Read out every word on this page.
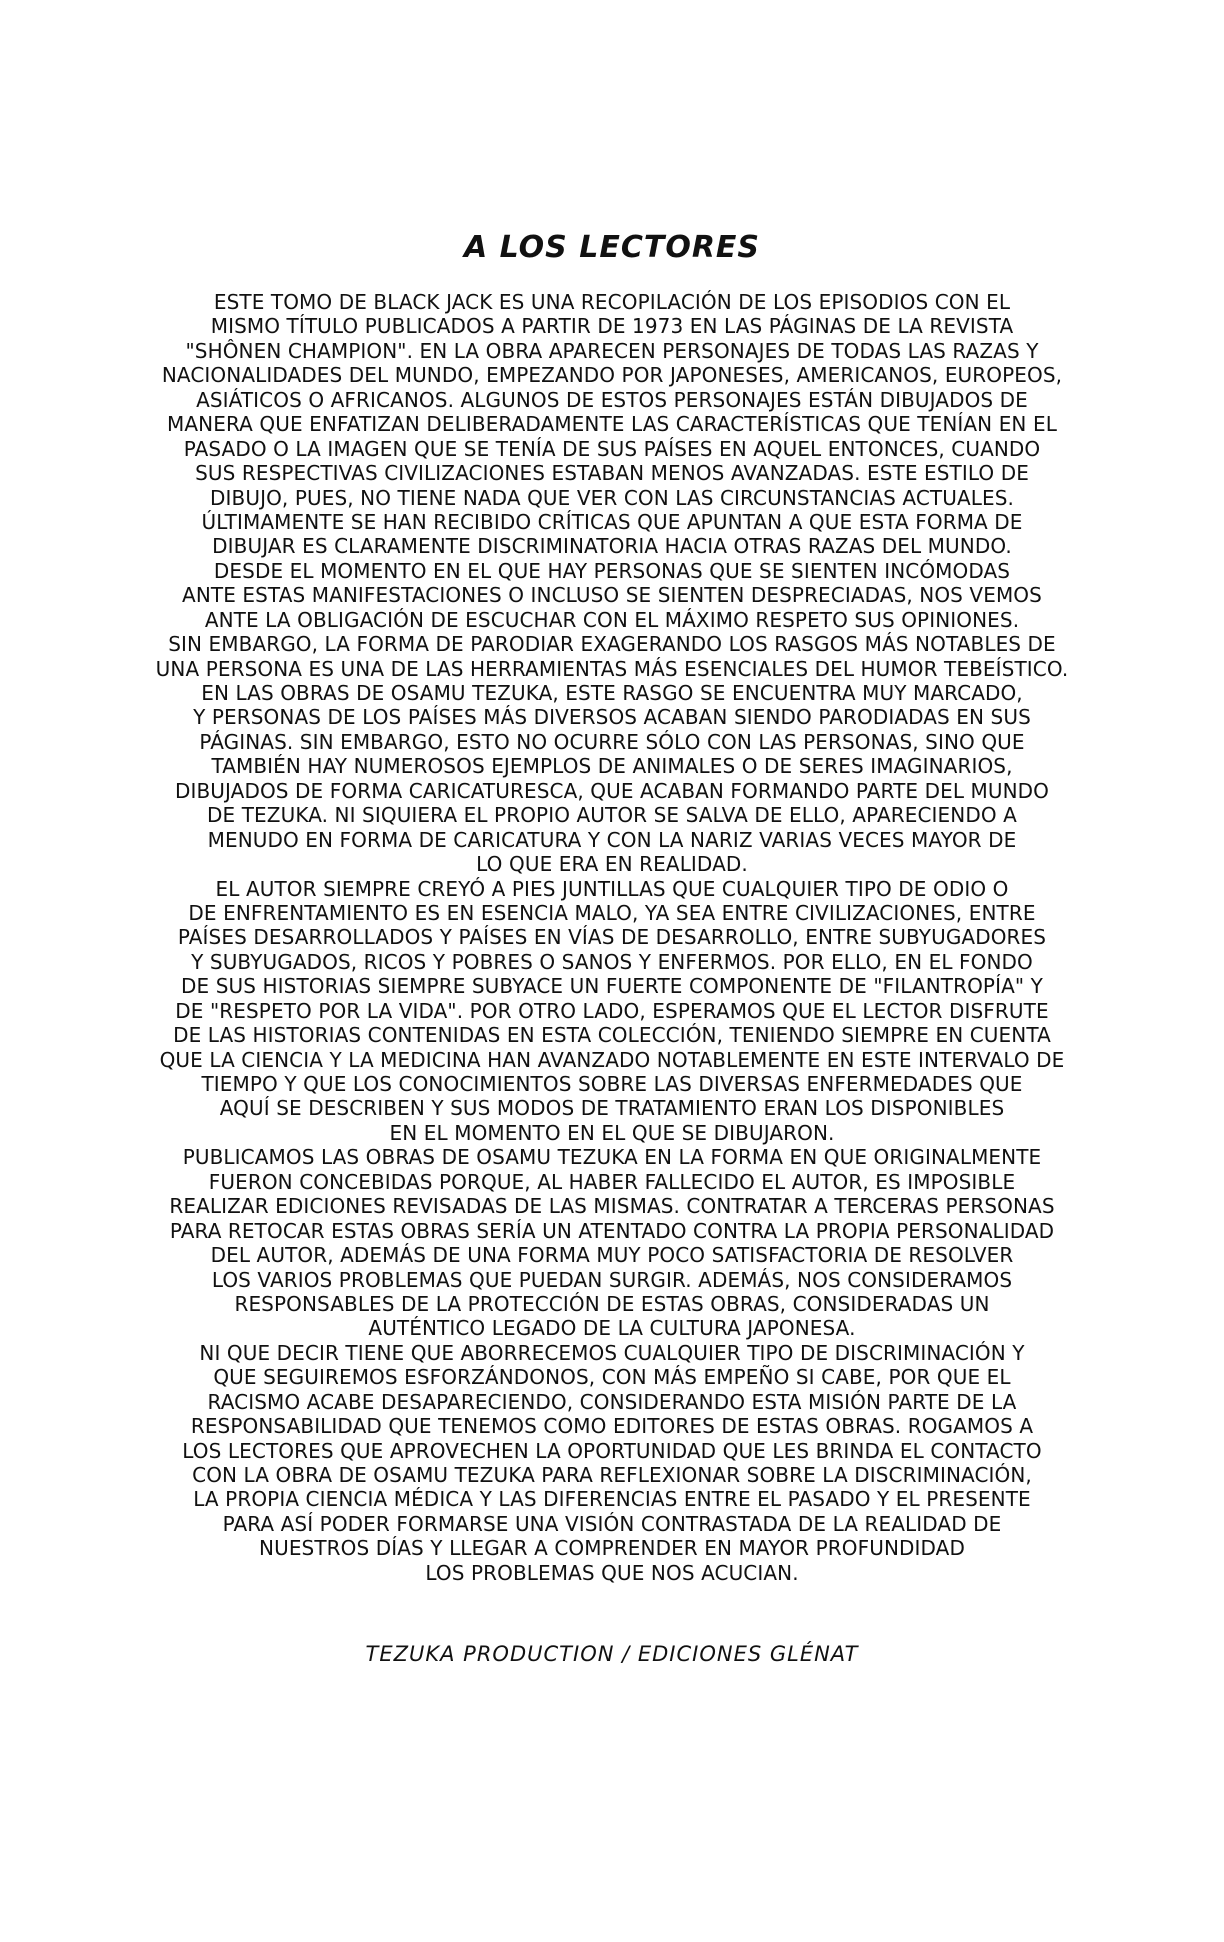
A LOS LECTORES
ESTE TOMO DE BLACK JACK ES UNA RECOPILACIÓN DE LOS EPISODIOS CON EL
MISMO TÍTULO PUBLICADOS A PARTIR DE 1973 EN LAS PÁGINAS DE LA REVISTA
"SHÔNEN CHAMPION". EN LA OBRA APARECEN PERSONAJES DE TODAS LAS RAZAS Y
NACIONALIDADES DEL MUNDO, EMPEZANDO POR JAPONESES, AMERICANOS, EUROPEOS,
ASIÁTICOS O AFRICANOS. ALGUNOS DE ESTOS PERSONAJES ESTÁN DIBUJADOS DE
MANERA QUE ENFATIZAN DELIBERADAMENTE LAS CARACTERÍSTICAS QUE TENÍAN EN EL
PASADO O LA IMAGEN QUE SE TENÍA DE SUS PAÍSES EN AQUEL ENTONCES, CUANDO
SUS RESPECTIVAS CIVILIZACIONES ESTABAN MENOS AVANZADAS. ESTE ESTILO DE
DIBUJO, PUES, NO TIENE NADA QUE VER CON LAS CIRCUNSTANCIAS ACTUALES.
ÚLTIMAMENTE SE HAN RECIBIDO CRÍTICAS QUE APUNTAN A QUE ESTA FORMA DE
DIBUJAR ES CLARAMENTE DISCRIMINATORIA HACIA OTRAS RAZAS DEL MUNDO.
DESDE EL MOMENTO EN EL QUE HAY PERSONAS QUE SE SIENTEN INCÓMODAS
ANTE ESTAS MANIFESTACIONES O INCLUSO SE SIENTEN DESPRECIADAS, NOS VEMOS
ANTE LA OBLIGACIÓN DE ESCUCHAR CON EL MÁXIMO RESPETO SUS OPINIONES.
SIN EMBARGO, LA FORMA DE PARODIAR EXAGERANDO LOS RASGOS MÁS NOTABLES DE
UNA PERSONA ES UNA DE LAS HERRAMIENTAS MÁS ESENCIALES DEL HUMOR TEBEÍSTICO.
EN LAS OBRAS DE OSAMU TEZUKA, ESTE RASGO SE ENCUENTRA MUY MARCADO,
Y PERSONAS DE LOS PAÍSES MÁS DIVERSOS ACABAN SIENDO PARODIADAS EN SUS
PÁGINAS. SIN EMBARGO, ESTO NO OCURRE SÓLO CON LAS PERSONAS, SINO QUE
TAMBIÉN HAY NUMEROSOS EJEMPLOS DE ANIMALES O DE SERES IMAGINARIOS,
DIBUJADOS DE FORMA CARICATURESCA, QUE ACABAN FORMANDO PARTE DEL MUNDO
DE TEZUKA. NI SIQUIERA EL PROPIO AUTOR SE SALVA DE ELLO, APARECIENDO A
MENUDO EN FORMA DE CARICATURA Y CON LA NARIZ VARIAS VECES MAYOR DE
LO QUE ERA EN REALIDAD.
EL AUTOR SIEMPRE CREYÓ A PIES JUNTILLAS QUE CUALQUIER TIPO DE ODIO O
DE ENFRENTAMIENTO ES EN ESENCIA MALO, YA SEA ENTRE CIVILIZACIONES, ENTRE
PAÍSES DESARROLLADOS Y PAÍSES EN VÍAS DE DESARROLLO, ENTRE SUBYUGADORES
Y SUBYUGADOS, RICOS Y POBRES O SANOS Y ENFERMOS. POR ELLO, EN EL FONDO
DE SUS HISTORIAS SIEMPRE SUBYACE UN FUERTE COMPONENTE DE "FILANTROPÍA" Y
DE "RESPETO POR LA VIDA". POR OTRO LADO, ESPERAMOS QUE EL LECTOR DISFRUTE
DE LAS HISTORIAS CONTENIDAS EN ESTA COLECCIÓN, TENIENDO SIEMPRE EN CUENTA
QUE LA CIENCIA Y LA MEDICINA HAN AVANZADO NOTABLEMENTE EN ESTE INTERVALO DE
TIEMPO Y QUE LOS CONOCIMIENTOS SOBRE LAS DIVERSAS ENFERMEDADES QUE
AQUÍ SE DESCRIBEN Y SUS MODOS DE TRATAMIENTO ERAN LOS DISPONIBLES
EN EL MOMENTO EN EL QUE SE DIBUJARON.
PUBLICAMOS LAS OBRAS DE OSAMU TEZUKA EN LA FORMA EN QUE ORIGINALMENTE
FUERON CONCEBIDAS PORQUE, AL HABER FALLECIDO EL AUTOR, ES IMPOSIBLE
REALIZAR EDICIONES REVISADAS DE LAS MISMAS. CONTRATAR A TERCERAS PERSONAS
PARA RETOCAR ESTAS OBRAS SERÍA UN ATENTADO CONTRA LA PROPIA PERSONALIDAD
DEL AUTOR, ADEMÁS DE UNA FORMA MUY POCO SATISFACTORIA DE RESOLVER
LOS VARIOS PROBLEMAS QUE PUEDAN SURGIR. ADEMÁS, NOS CONSIDERAMOS
RESPONSABLES DE LA PROTECCIÓN DE ESTAS OBRAS, CONSIDERADAS UN
AUTÉNTICO LEGADO DE LA CULTURA JAPONESA.
NI QUE DECIR TIENE QUE ABORRECEMOS CUALQUIER TIPO DE DISCRIMINACIÓN Y
QUE SEGUIREMOS ESFORZÁNDONOS, CON MÁS EMPEÑO SI CABE, POR QUE EL
RACISMO ACABE DESAPARECIENDO, CONSIDERANDO ESTA MISIÓN PARTE DE LA
RESPONSABILIDAD QUE TENEMOS COMO EDITORES DE ESTAS OBRAS. ROGAMOS A
LOS LECTORES QUE APROVECHEN LA OPORTUNIDAD QUE LES BRINDA EL CONTACTO
CON LA OBRA DE OSAMU TEZUKA PARA REFLEXIONAR SOBRE LA DISCRIMINACIÓN,
LA PROPIA CIENCIA MÉDICA Y LAS DIFERENCIAS ENTRE EL PASADO Y EL PRESENTE
PARA ASÍ PODER FORMARSE UNA VISIÓN CONTRASTADA DE LA REALIDAD DE
NUESTROS DÍAS Y LLEGAR A COMPRENDER EN MAYOR PROFUNDIDAD
LOS PROBLEMAS QUE NOS ACUCIAN.

TEZUKA PRODUCTION / EDICIONES GLÉNAT
